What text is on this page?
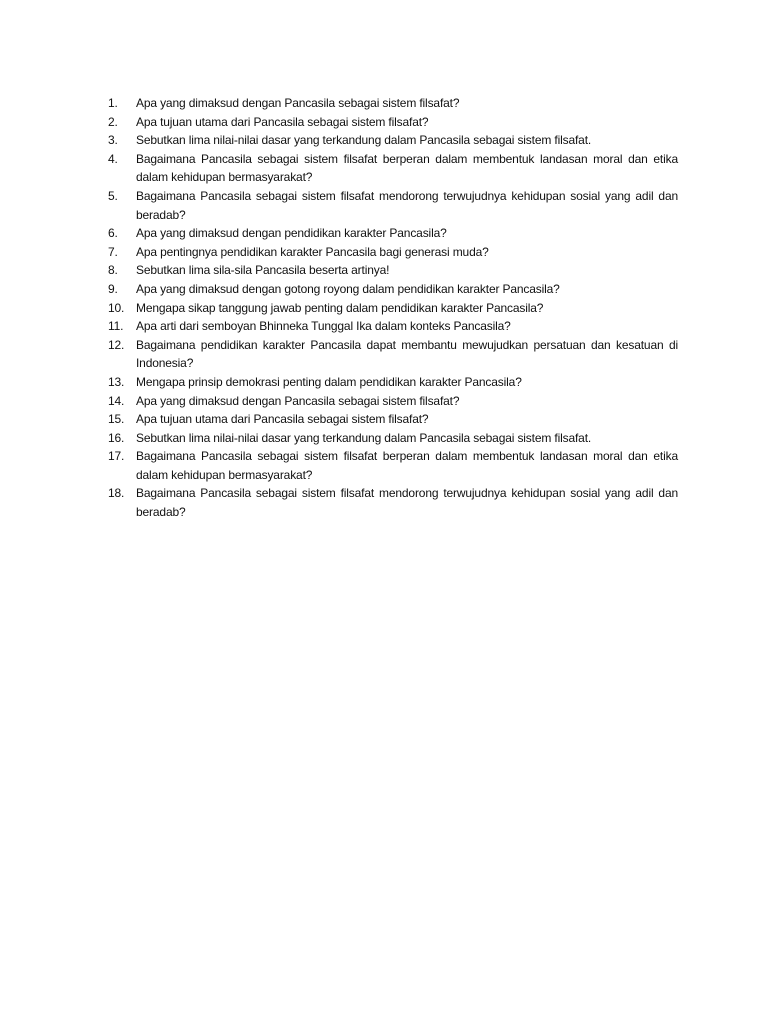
1.	Apa yang dimaksud dengan Pancasila sebagai sistem filsafat?
2.	Apa tujuan utama dari Pancasila sebagai sistem filsafat?
3.	Sebutkan lima nilai-nilai dasar yang terkandung dalam Pancasila sebagai sistem filsafat.
4.	Bagaimana Pancasila sebagai sistem filsafat berperan dalam membentuk landasan moral dan etika dalam kehidupan bermasyarakat?
5.	Bagaimana Pancasila sebagai sistem filsafat mendorong terwujudnya kehidupan sosial yang adil dan beradab?
6.	Apa yang dimaksud dengan pendidikan karakter Pancasila?
7.	Apa pentingnya pendidikan karakter Pancasila bagi generasi muda?
8.	Sebutkan lima sila-sila Pancasila beserta artinya!
9.	Apa yang dimaksud dengan gotong royong dalam pendidikan karakter Pancasila?
10. Mengapa sikap tanggung jawab penting dalam pendidikan karakter Pancasila?
11.	Apa arti dari semboyan Bhinneka Tunggal Ika dalam konteks Pancasila?
12. Bagaimana pendidikan karakter Pancasila dapat membantu mewujudkan persatuan dan kesatuan di Indonesia?
13. Mengapa prinsip demokrasi penting dalam pendidikan karakter Pancasila?
14. Apa yang dimaksud dengan Pancasila sebagai sistem filsafat?
15. Apa tujuan utama dari Pancasila sebagai sistem filsafat?
16. Sebutkan lima nilai-nilai dasar yang terkandung dalam Pancasila sebagai sistem filsafat.
17. Bagaimana Pancasila sebagai sistem filsafat berperan dalam membentuk landasan moral dan etika dalam kehidupan bermasyarakat?
18. Bagaimana Pancasila sebagai sistem filsafat mendorong terwujudnya kehidupan sosial yang adil dan beradab?
